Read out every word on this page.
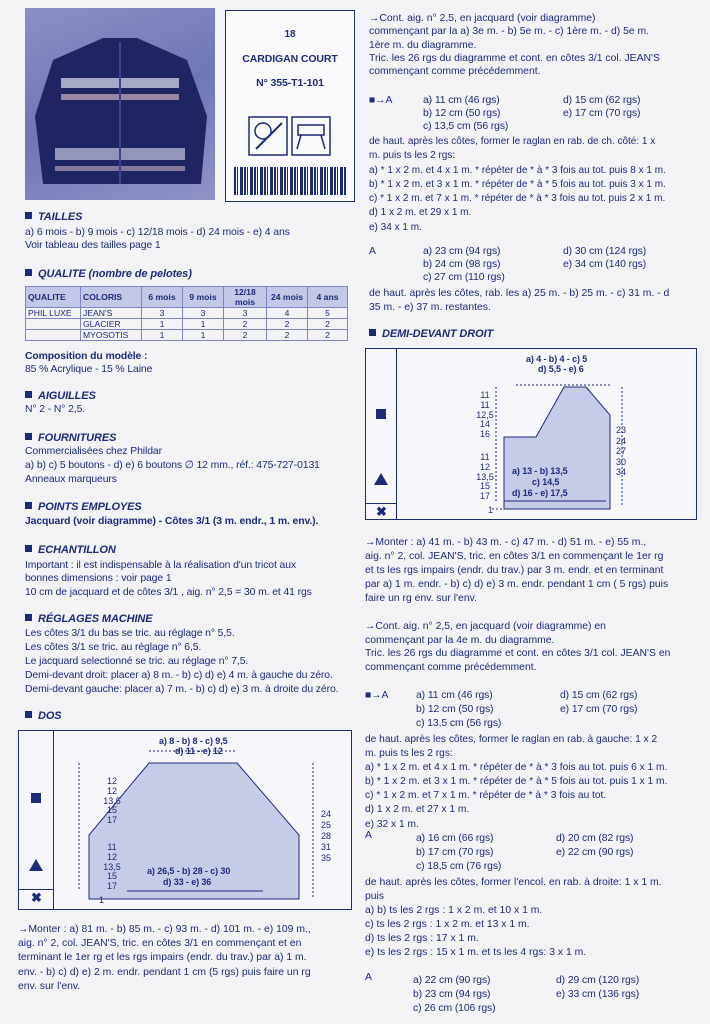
18
CARDIGAN COURT
N° 355-T1-101
TAILLES
a) 6 mois - b) 9 mois - c) 12/18 mois - d) 24 mois - e) 4 ans
Voir tableau des tailles page 1
QUALITE (nombre de pelotes)
QUALITE	COLORIS	6 mois	9 mois	12/18 mois	24 mois	4 ans
PHIL LUXE	JEAN'S	3	3	3	4	5
	GLACIER	1	1	2	2	2
	MYOSOTIS	1	1	2	2	2
Composition du modèle :
85 % Acrylique - 15 % Laine
AIGUILLES
N° 2 - N° 2,5.
FOURNITURES
Commercialisées chez Phildar
a) b) c) 5 boutons - d) e) 6 boutons ∅ 12 mm., réf.: 475-727-0131
Anneaux marqueurs
POINTS EMPLOYES
Jacquard (voir diagramme) - Côtes 3/1 (3 m. endr., 1 m. env.).
ECHANTILLON
Important : il est indispensable à la réalisation d'un tricot aux
bonnes dimensions : voir page 1
10 cm de jacquard et de côtes 3/1 , aig. n° 2,5 = 30 m. et 41 rgs
RÉGLAGES MACHINE
Les côtes 3/1 du bas se tric. au réglage n° 5,5.
Les côtes 3/1 se tric. au réglage n° 6,5.
Le jacquard selectionné se tric. au réglage n° 7,5.
Demi-devant droit: placer a) 8 m. - b) c) d) e) 4 m. à gauche du zéro.
Demi-devant gauche: placer a) 7 m. - b) c) d) e) 3 m. à droite du zéro.
DOS
✖
a) 8 - b) 8 - c) 9,5
d) 11 - e) 12
12
12
13,5
15
17
11
12
13,5
15
17
24
25
28
31
35
a) 26,5 - b) 28 - c) 30
d) 33 - e) 36
1
→Monter : a) 81 m. - b) 85 m. - c) 93 m. - d) 101 m. - e) 109 m.,
aig. n° 2, col. JEAN'S, tric. en côtes 3/1 en commençant et en
terminant le 1er rg et les rgs impairs (endr. du trav.) par a) 1 m.
env. - b) c) d) e) 2 m. endr. pendant 1 cm (5 rgs) puis faire un rg
env. sur l'env.
→Cont. aig. n° 2,5, en jacquard (voir diagramme)
commençant par la a) 3e m. - b) 5e m. - c) 1ère m. - d) 5e m.
1ère m. du diagramme.
Tric. les 26 rgs du diagramme et cont. en côtes 3/1 col. JEAN'S
commençant comme précédemment.
■→A	a) 11 cm (46 rgs)
b) 12 cm (50 rgs)
c) 13,5 cm (56 rgs)
d) 15 cm (62 rgs)
e) 17 cm (70 rgs)
de haut. après les côtes, former le raglan en rab. de ch. côté: 1 x
m. puis ts les 2 rgs:
a) * 1 x 2 m. et 4 x 1 m. * répéter de * à * 3 fois au tot. puis 8 x 1 m.
b) * 1 x 2 m. et 3 x 1 m. * répéter de * à * 5 fois au tot. puis 3 x 1 m.
c) * 1 x 2 m. et 7 x 1 m. * répéter de * à * 3 fois au tot. puis 2 x 1 m.
d) 1 x 2 m. et 29 x 1 m.
e) 34 x 1 m.
A	a) 23 cm (94 rgs)
b) 24 cm (98 rgs)
c) 27 cm (110 rgs)
d) 30 cm (124 rgs)
e) 34 cm (140 rgs)
de haut. après les côtes, rab. les a) 25 m. - b) 25 m. - c) 31 m. - d
35 m. - e) 37 m. restantes.
DEMI-DEVANT DROIT
✖
a) 4 - b) 4 - c) 5
d) 5,5 - e) 6
11
11
12,5
14
16
11
12
13,5
15
17
23
24
27
30
34
a) 13 - b) 13,5
c) 14,5
d) 16 - e) 17,5
1
→Monter : a) 41 m. - b) 43 m. - c) 47 m. - d) 51 m. - e) 55 m.,
aig. n° 2, col. JEAN'S, tric. en côtes 3/1 en commençant le 1er rg
et ts les rgs impairs (endr. du trav.) par 3 m. endr. et en terminant
par a) 1 m. endr. - b) c) d) e) 3 m. endr. pendant 1 cm ( 5 rgs) puis
faire un rg env. sur l'env.
→Cont. aig. n° 2,5, en jacquard (voir diagramme) en
commençant par la 4e m. du diagramme.
Tric. les 26 rgs du diagramme et cont. en côtes 3/1 col. JEAN'S en
commençant comme précédemment.
■→A	a) 11 cm (46 rgs)
b) 12 cm (50 rgs)
c) 13,5 cm (56 rgs)
d) 15 cm (62 rgs)
e) 17 cm (70 rgs)
de haut. après les côtes, former le raglan en rab. à gauche: 1 x 2
m. puis ts les 2 rgs:
a) * 1 x 2 m. et 4 x 1 m. * répéter de * à * 3 fois au tot. puis 6 x 1 m.
b) * 1 x 2 m. et 3 x 1 m. * répéter de * à * 5 fois au tot. puis 1 x 1 m.
c) * 1 x 2 m. et 7 x 1 m. * répéter de * à * 3 fois au tot.
d) 1 x 2 m. et 27 x 1 m.
e) 32 x 1 m.
A	a) 16 cm (66 rgs)
b) 17 cm (70 rgs)
c) 18,5 cm (76 rgs)
d) 20 cm (82 rgs)
e) 22 cm (90 rgs)
de haut. après les côtes, former l'encol. en rab. à droite: 1 x 1 m.
puis
a) b) ts les 2 rgs : 1 x 2 m. et 10 x 1 m.
c) ts les 2 rgs : 1 x 2 m. et 13 x 1 m.
d) ts les 2 rgs : 17 x 1 m.
e) ts les 2 rgs : 15 x 1 m. et ts les 4 rgs: 3 x 1 m.
A	a) 22 cm (90 rgs)
b) 23 cm (94 rgs)
c) 26 cm (106 rgs)
d) 29 cm (120 rgs)
e) 33 cm (136 rgs)
